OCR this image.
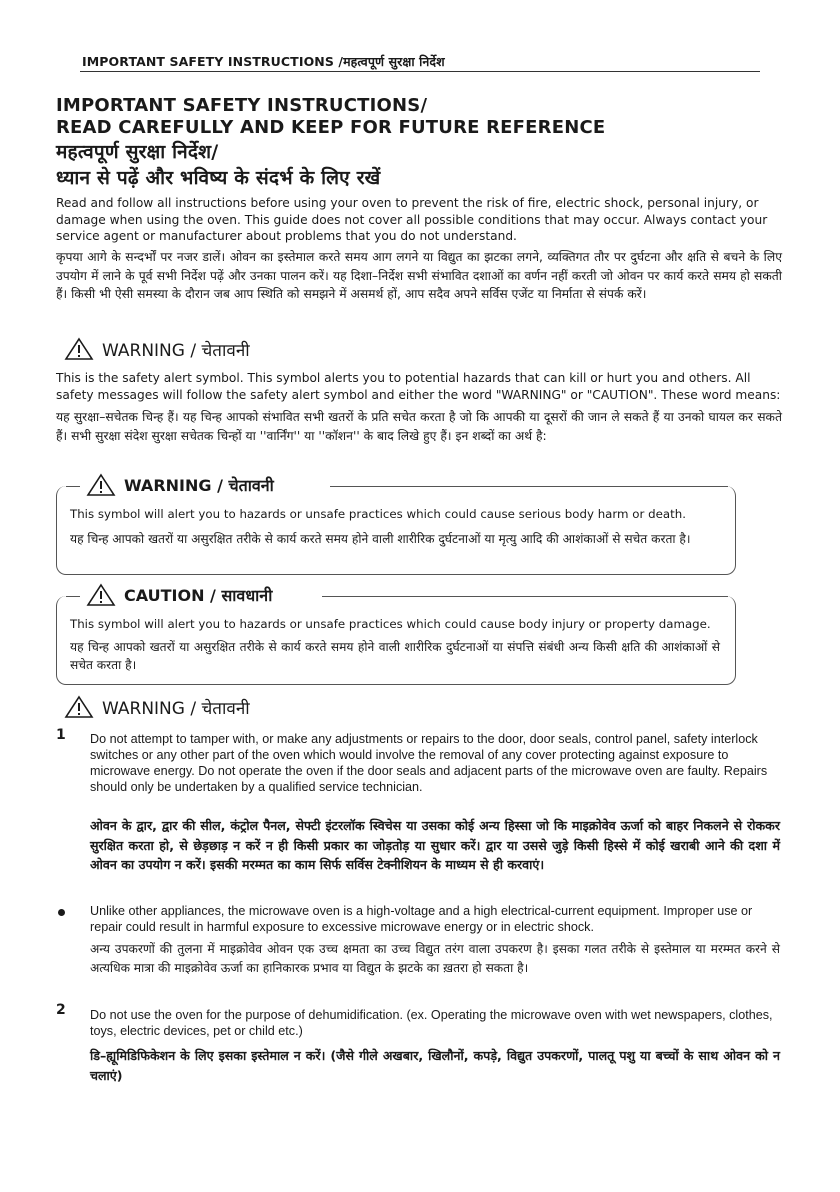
IMPORTANT SAFETY INSTRUCTIONS /महत्वपूर्ण सुरक्षा निर्देश
IMPORTANT SAFETY INSTRUCTIONS/
READ CAREFULLY AND KEEP FOR FUTURE REFERENCE
महत्वपूर्ण सुरक्षा निर्देश/
ध्यान से पढ़ें और भविष्य के संदर्भ के लिए रखें
Read and follow all instructions before using your oven to prevent the risk of fire, electric shock, personal injury, or damage when using the oven. This guide does not cover all possible conditions that may occur. Always contact your service agent or manufacturer about problems that you do not understand.
कृपया आगे के सन्दर्भों पर नजर डालें। ओवन का इस्तेमाल करते समय आग लगने या विद्युत का झटका लगने, व्यक्तिगत तौर पर दुर्घटना और क्षति से बचने के लिए उपयोग में लाने के पूर्व सभी निर्देश पढ़ें और उनका पालन करें। यह दिशा–निर्देश सभी संभावित दशाओं का वर्णन नहीं करती जो ओवन पर कार्य करते समय हो सकती हैं। किसी भी ऐसी समस्या के दौरान जब आप स्थिति को समझने में असमर्थ हों, आप सदैव अपने सर्विस एजेंट या निर्माता से संपर्क करें।
WARNING / चेतावनी
This is the safety alert symbol. This symbol alerts you to potential hazards that can kill or hurt you and others. All safety messages will follow the safety alert symbol and either the word "WARNING" or "CAUTION". These word means:
यह सुरक्षा–सचेतक चिन्ह हैं। यह चिन्ह आपको संभावित सभी खतरों के प्रति सचेत करता है जो कि आपकी या दूसरों की जान ले सकते हैं या उनको घायल कर सकते हैं। सभी सुरक्षा संदेश सुरक्षा सचेतक चिन्हों या ''वार्निंग'' या ''कॉशन'' के बाद लिखे हुए हैं। इन शब्दों का अर्थ है:
WARNING / चेतावनी
This symbol will alert you to hazards or unsafe practices which could cause serious body harm or death.
यह चिन्ह आपको खतरों या असुरक्षित तरीके से कार्य करते समय होने वाली शारीरिक दुर्घटनाओं या मृत्यु आदि की आशंकाओं से सचेत करता है।
CAUTION / सावधानी
This symbol will alert you to hazards or unsafe practices which could cause body injury or property damage.
यह चिन्ह आपको खतरों या असुरक्षित तरीके से कार्य करते समय होने वाली शारीरिक दुर्घटनाओं या संपत्ति संबंधी अन्य किसी क्षति की आशंकाओं से सचेत करता है।
WARNING / चेतावनी
1 Do not attempt to tamper with, or make any adjustments or repairs to the door, door seals, control panel, safety interlock switches or any other part of the oven which would involve the removal of any cover protecting against exposure to microwave energy. Do not operate the oven if the door seals and adjacent parts of the microwave oven are faulty. Repairs should only be undertaken by a qualified service technician.
ओवन के द्वार, द्वार की सील, कंट्रोल पैनल, सेफ्टी इंटरलॉक स्विचेस या उसका कोई अन्य हिस्सा जो कि माइक्रोवेव ऊर्जा को बाहर निकलने से रोककर सुरक्षित करता हो, से छेड़छाड़ न करें न ही किसी प्रकार का जोड़तोड़ या सुधार करें। द्वार या उससे जुड़े किसी हिस्से में कोई खराबी आने की दशा में ओवन का उपयोग न करें। इसकी मरम्मत का काम सिर्फ सर्विस टेक्नीशियन के माध्यम से ही करवाएं।
Unlike other appliances, the microwave oven is a high-voltage and a high electrical-current equipment. Improper use or repair could result in harmful exposure to excessive microwave energy or in electric shock.
अन्य उपकरणों की तुलना में माइक्रोवेव ओवन एक उच्च क्षमता का उच्च विद्युत तरंग वाला उपकरण है। इसका गलत तरीके से इस्तेमाल या मरम्मत करने से अत्यधिक मात्रा की माइक्रोवेव ऊर्जा का हानिकारक प्रभाव या विद्युत के झटके का ख़तरा हो सकता है।
2 Do not use the oven for the purpose of dehumidification. (ex. Operating the microwave oven with wet newspapers, clothes, toys, electric devices, pet or child etc.)
डि–ह्यूमिडिफिकेशन के लिए इसका इस्तेमाल न करें। (जैसे गीले अखबार, खिलौनों, कपड़े, विद्युत उपकरणों, पालतू पशु या बच्चों के साथ ओवन को न चलाएं)
